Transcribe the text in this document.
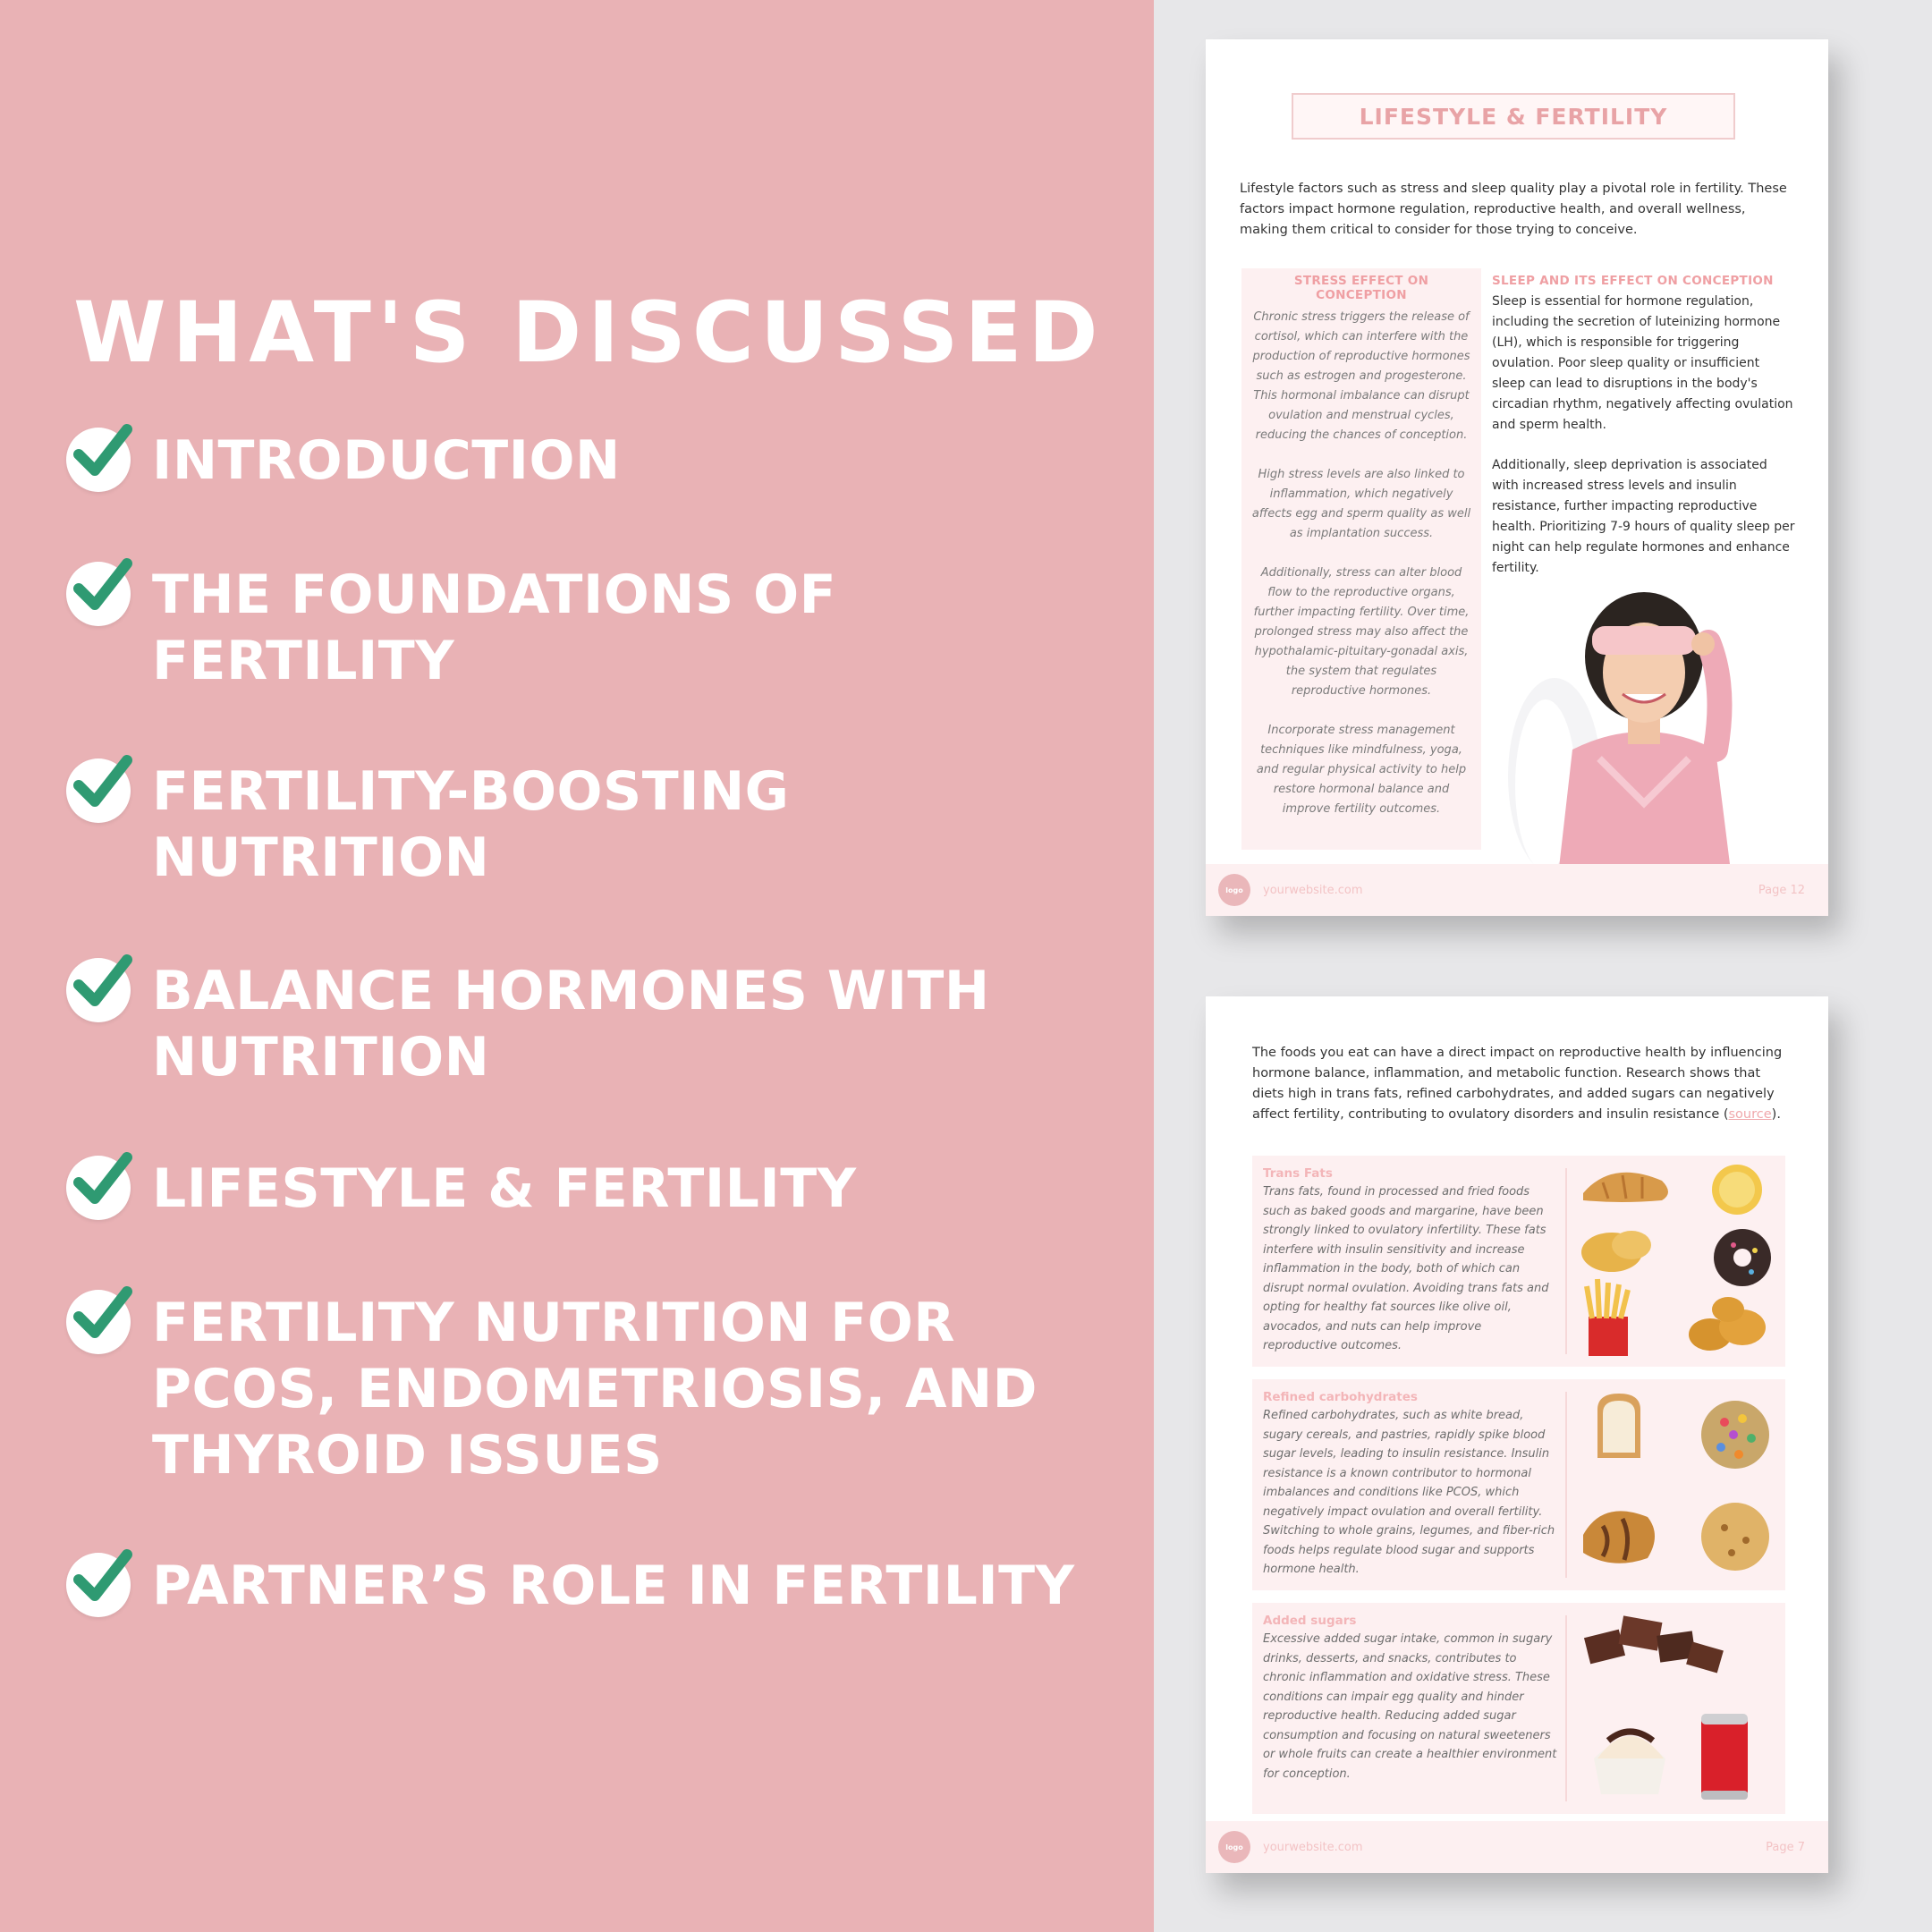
WHAT'S DISCUSSED
INTRODUCTION
THE FOUNDATIONS OF
FERTILITY
FERTILITY-BOOSTING
NUTRITION
BALANCE HORMONES WITH
NUTRITION
LIFESTYLE & FERTILITY
FERTILITY NUTRITION FOR
PCOS, ENDOMETRIOSIS, AND
THYROID ISSUES
PARTNER’S ROLE IN FERTILITY
LIFESTYLE & FERTILITY

Lifestyle factors such as stress and sleep quality play a pivotal role in fertility. These factors impact hormone regulation, reproductive health, and overall wellness, making them critical to consider for those trying to conceive.

STRESS EFFECT ON CONCEPTION

Chronic stress triggers the release of cortisol, which can interfere with the production of reproductive hormones such as estrogen and progesterone. This hormonal imbalance can disrupt ovulation and menstrual cycles, reducing the chances of conception.

High stress levels are also linked to inflammation, which negatively affects egg and sperm quality as well as implantation success.

Additionally, stress can alter blood flow to the reproductive organs, further impacting fertility. Over time, prolonged stress may also affect the hypothalamic-pituitary-gonadal axis, the system that regulates reproductive hormones.

Incorporate stress management techniques like mindfulness, yoga, and regular physical activity to help restore hormonal balance and improve fertility outcomes.

SLEEP AND ITS EFFECT ON CONCEPTION

Sleep is essential for hormone regulation, including the secretion of luteinizing hormone (LH), which is responsible for triggering ovulation. Poor sleep quality or insufficient sleep can lead to disruptions in the body's circadian rhythm, negatively affecting ovulation and sperm health.

Additionally, sleep deprivation is associated with increased stress levels and insulin resistance, further impacting reproductive health. Prioritizing 7-9 hours of quality sleep per night can help regulate hormones and enhance fertility.

logo	yourwebsite.com	Page 12

The foods you eat can have a direct impact on reproductive health by influencing hormone balance, inflammation, and metabolic function. Research shows that diets high in trans fats, refined carbohydrates, and added sugars can negatively affect fertility, contributing to ovulatory disorders and insulin resistance (source).

Trans Fats

Trans fats, found in processed and fried foods such as baked goods and margarine, have been strongly linked to ovulatory infertility. These fats interfere with insulin sensitivity and increase inflammation in the body, both of which can disrupt normal ovulation. Avoiding trans fats and opting for healthy fat sources like olive oil, avocados, and nuts can help improve reproductive outcomes.

Refined carbohydrates

Refined carbohydrates, such as white bread, sugary cereals, and pastries, rapidly spike blood sugar levels, leading to insulin resistance. Insulin resistance is a known contributor to hormonal imbalances and conditions like PCOS, which negatively impact ovulation and overall fertility. Switching to whole grains, legumes, and fiber-rich foods helps regulate blood sugar and supports hormone health.

Added sugars

Excessive added sugar intake, common in sugary drinks, desserts, and snacks, contributes to chronic inflammation and oxidative stress. These conditions can impair egg quality and hinder reproductive health. Reducing added sugar consumption and focusing on natural sweeteners or whole fruits can create a healthier environment for conception.

logo	yourwebsite.com	Page 7
